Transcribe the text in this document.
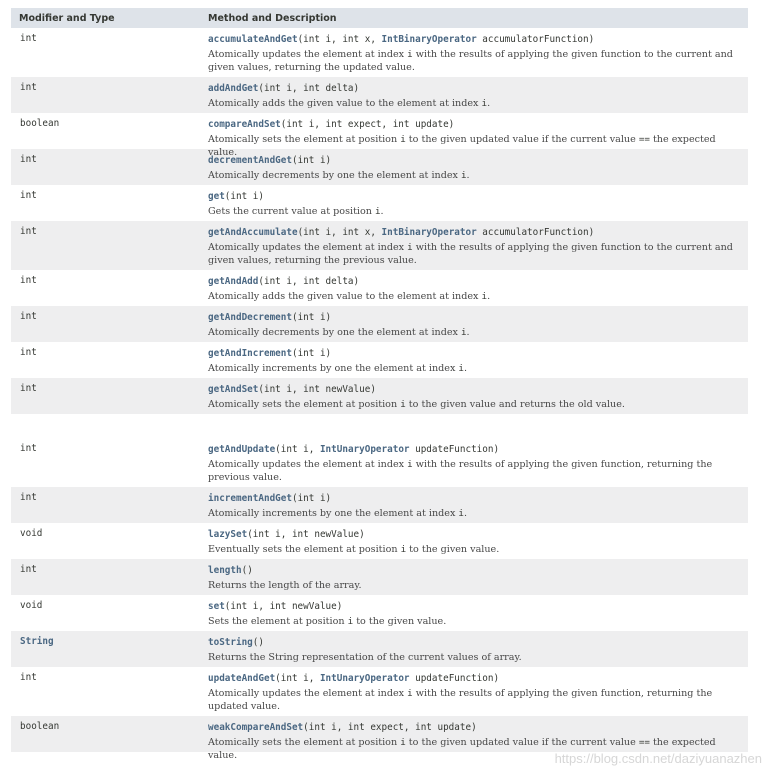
Modifier and Type	Method and Description
int	accumulateAndGet(int i, int x, IntBinaryOperator accumulatorFunction)
Atomically updates the element at index i with the results of applying the given function to the current and given values, returning the updated value.
int	addAndGet(int i, int delta)
Atomically adds the given value to the element at index i.
boolean	compareAndSet(int i, int expect, int update)
Atomically sets the element at position i to the given updated value if the current value == the expected value.
int	decrementAndGet(int i)
Atomically decrements by one the element at index i.
int	get(int i)
Gets the current value at position i.
int	getAndAccumulate(int i, int x, IntBinaryOperator accumulatorFunction)
Atomically updates the element at index i with the results of applying the given function to the current and given values, returning the previous value.
int	getAndAdd(int i, int delta)
Atomically adds the given value to the element at index i.
int	getAndDecrement(int i)
Atomically decrements by one the element at index i.
int	getAndIncrement(int i)
Atomically increments by one the element at index i.
int	getAndSet(int i, int newValue)
Atomically sets the element at position i to the given value and returns the old value.
int	getAndUpdate(int i, IntUnaryOperator updateFunction)
Atomically updates the element at index i with the results of applying the given function, returning the previous value.
int	incrementAndGet(int i)
Atomically increments by one the element at index i.
void	lazySet(int i, int newValue)
Eventually sets the element at position i to the given value.
int	length()
Returns the length of the array.
void	set(int i, int newValue)
Sets the element at position i to the given value.
String	toString()
Returns the String representation of the current values of array.
int	updateAndGet(int i, IntUnaryOperator updateFunction)
Atomically updates the element at index i with the results of applying the given function, returning the updated value.
boolean	weakCompareAndSet(int i, int expect, int update)
Atomically sets the element at position i to the given updated value if the current value == the expected value.	https://blog.csdn.net/daziyuanazhen
